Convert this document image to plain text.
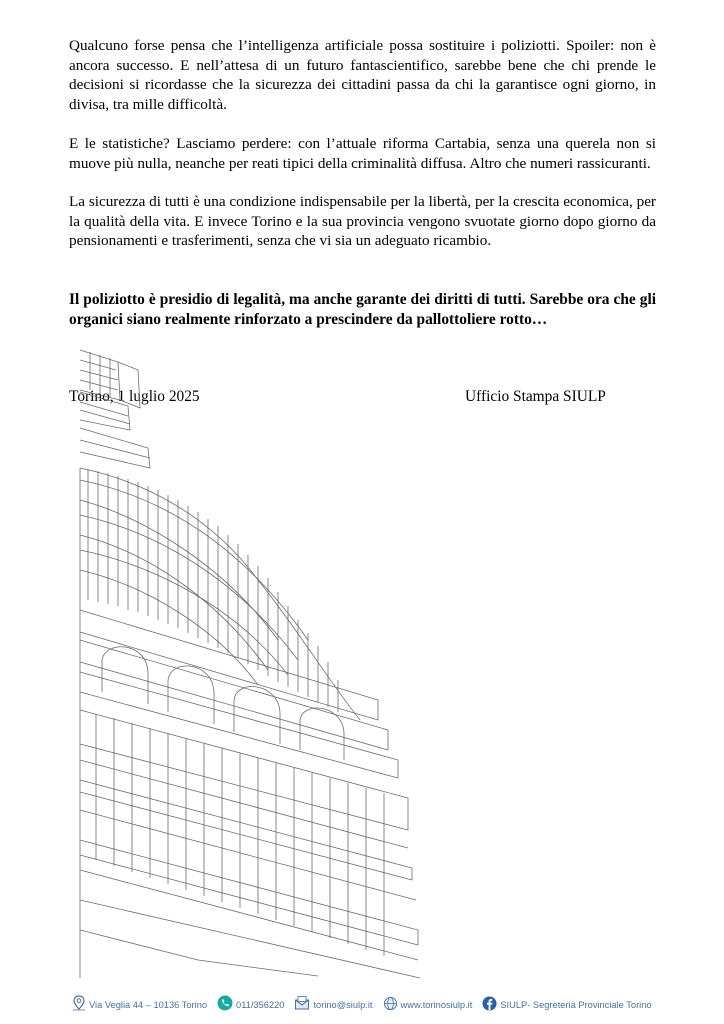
Qualcuno forse pensa che l’intelligenza artificiale possa sostituire i poliziotti. Spoiler: non è ancora successo. E nell’attesa di un futuro fantascientifico, sarebbe bene che chi prende le decisioni si ricordasse che la sicurezza dei cittadini passa da chi la garantisce ogni giorno, in divisa, tra mille difficoltà.

E le statistiche? Lasciamo perdere: con l’attuale riforma Cartabia, senza una querela non si muove più nulla, neanche per reati tipici della criminalità diffusa. Altro che numeri rassicuranti.

La sicurezza di tutti è una condizione indispensabile per la libertà, per la crescita economica, per la qualità della vita. E invece Torino e la sua provincia vengono svuotate giorno dopo giorno da pensionamenti e trasferimenti, senza che vi sia un adeguato ricambio.

Il poliziotto è presidio di legalità, ma anche garante dei diritti di tutti. Sarebbe ora che gli organici siano realmente rinforzato a prescindere da pallottoliere rotto…

Torino, 1 luglio 2025	Ufficio Stampa SIULP
Via Veglia 44 – 10136 Torino	011/356220	torino@siulp.it	www.torinosiulp.it	SIULP- Segreteria Provinciale Torino
